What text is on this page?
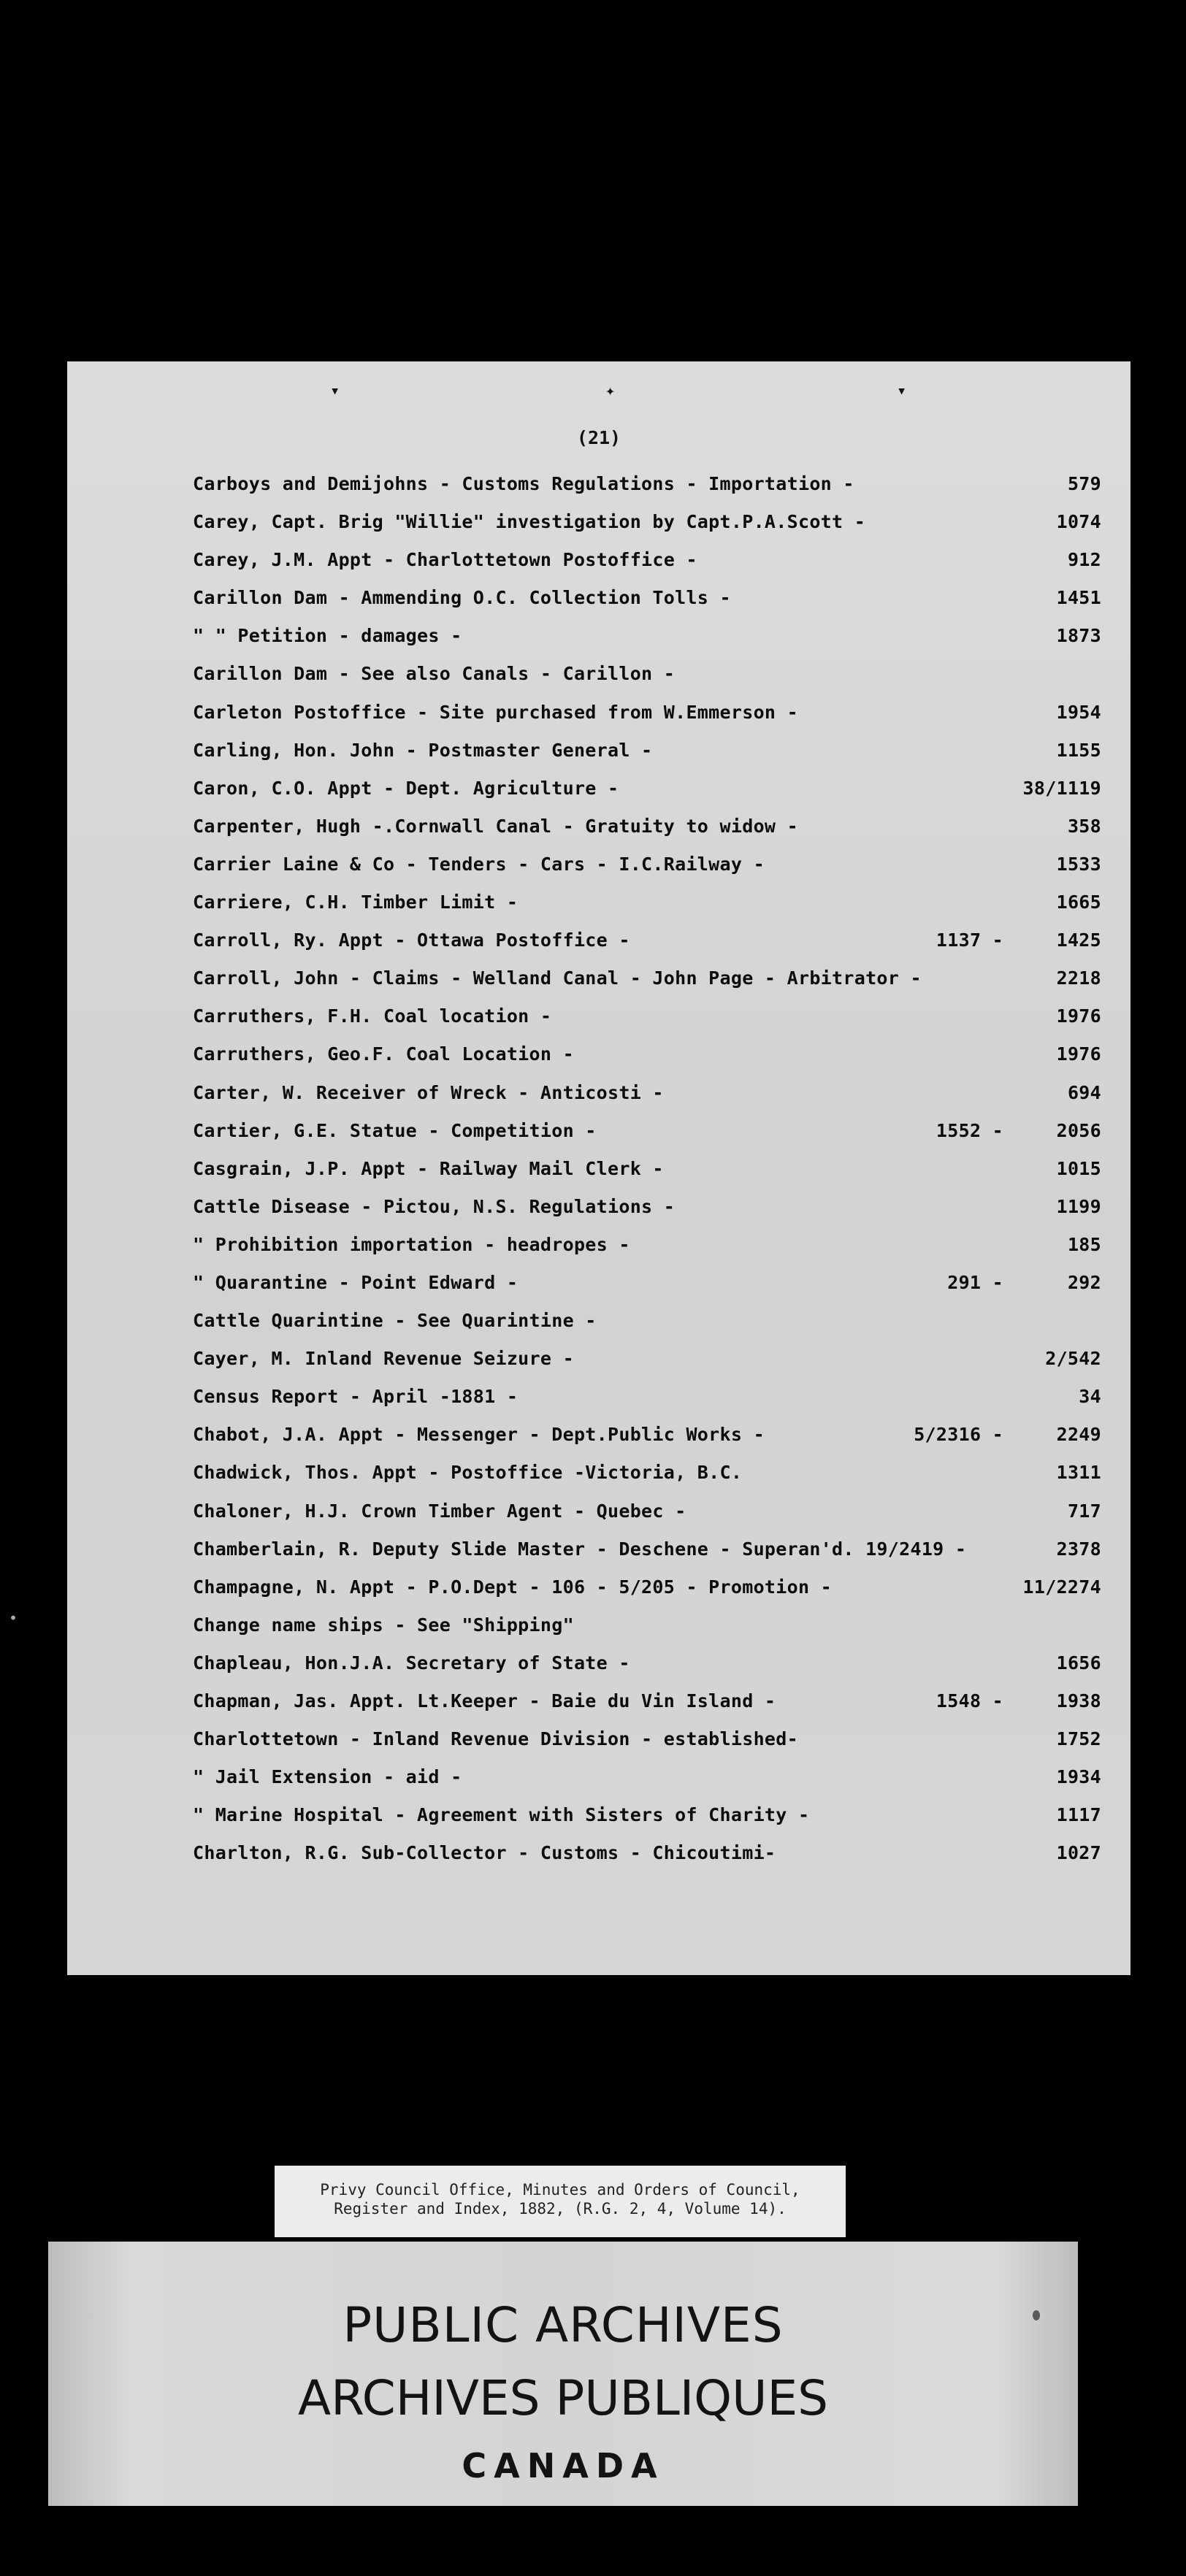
▾	✦	▾
(21)
Carboys and Demijohns - Customs Regulations - Importation -	579
Carey, Capt. Brig "Willie" investigation by Capt.P.A.Scott -	1074
Carey, J.M. Appt - Charlottetown Postoffice -	912
Carillon Dam - Ammending O.C. Collection Tolls -	1451
" " Petition - damages -	1873
Carillon Dam - See also Canals - Carillon -
Carleton Postoffice - Site purchased from W.Emmerson -	1954
Carling, Hon. John - Postmaster General -	1155
Caron, C.O. Appt - Dept. Agriculture -	38/1119
Carpenter, Hugh -.Cornwall Canal - Gratuity to widow -	358
Carrier Laine & Co - Tenders - Cars - I.C.Railway -	1533
Carriere, C.H. Timber Limit -	1665
Carroll, Ry. Appt - Ottawa Postoffice -	1137 -	1425
Carroll, John - Claims - Welland Canal - John Page - Arbitrator -	2218
Carruthers, F.H. Coal location -	1976
Carruthers, Geo.F. Coal Location -	1976
Carter, W. Receiver of Wreck - Anticosti -	694
Cartier, G.E. Statue - Competition -	1552 -	2056
Casgrain, J.P. Appt - Railway Mail Clerk -	1015
Cattle Disease - Pictou, N.S. Regulations -	1199
" Prohibition importation - headropes -	185
" Quarantine - Point Edward -	291 -	292
Cattle Quarintine - See Quarintine -
Cayer, M. Inland Revenue Seizure -	2/542
Census Report - April -1881 -	34
Chabot, J.A. Appt - Messenger - Dept.Public Works -	5/2316 -	2249
Chadwick, Thos. Appt - Postoffice -Victoria, B.C.	1311
Chaloner, H.J. Crown Timber Agent - Quebec -	717
Chamberlain, R. Deputy Slide Master - Deschene - Superan'd. 19/2419 -	2378
Champagne, N. Appt - P.O.Dept - 106 - 5/205 - Promotion -	11/2274
Change name ships - See "Shipping"
Chapleau, Hon.J.A. Secretary of State -	1656
Chapman, Jas. Appt. Lt.Keeper - Baie du Vin Island -	1548 -	1938
Charlottetown - Inland Revenue Division - established-	1752
" Jail Extension - aid -	1934
" Marine Hospital - Agreement with Sisters of Charity -	1117
Charlton, R.G. Sub-Collector - Customs - Chicoutimi-	1027
•
Privy Council Office, Minutes and Orders of Council,
Register and Index, 1882, (R.G. 2, 4, Volume 14).
PUBLIC ARCHIVES
ARCHIVES PUBLIQUES
CANADA
